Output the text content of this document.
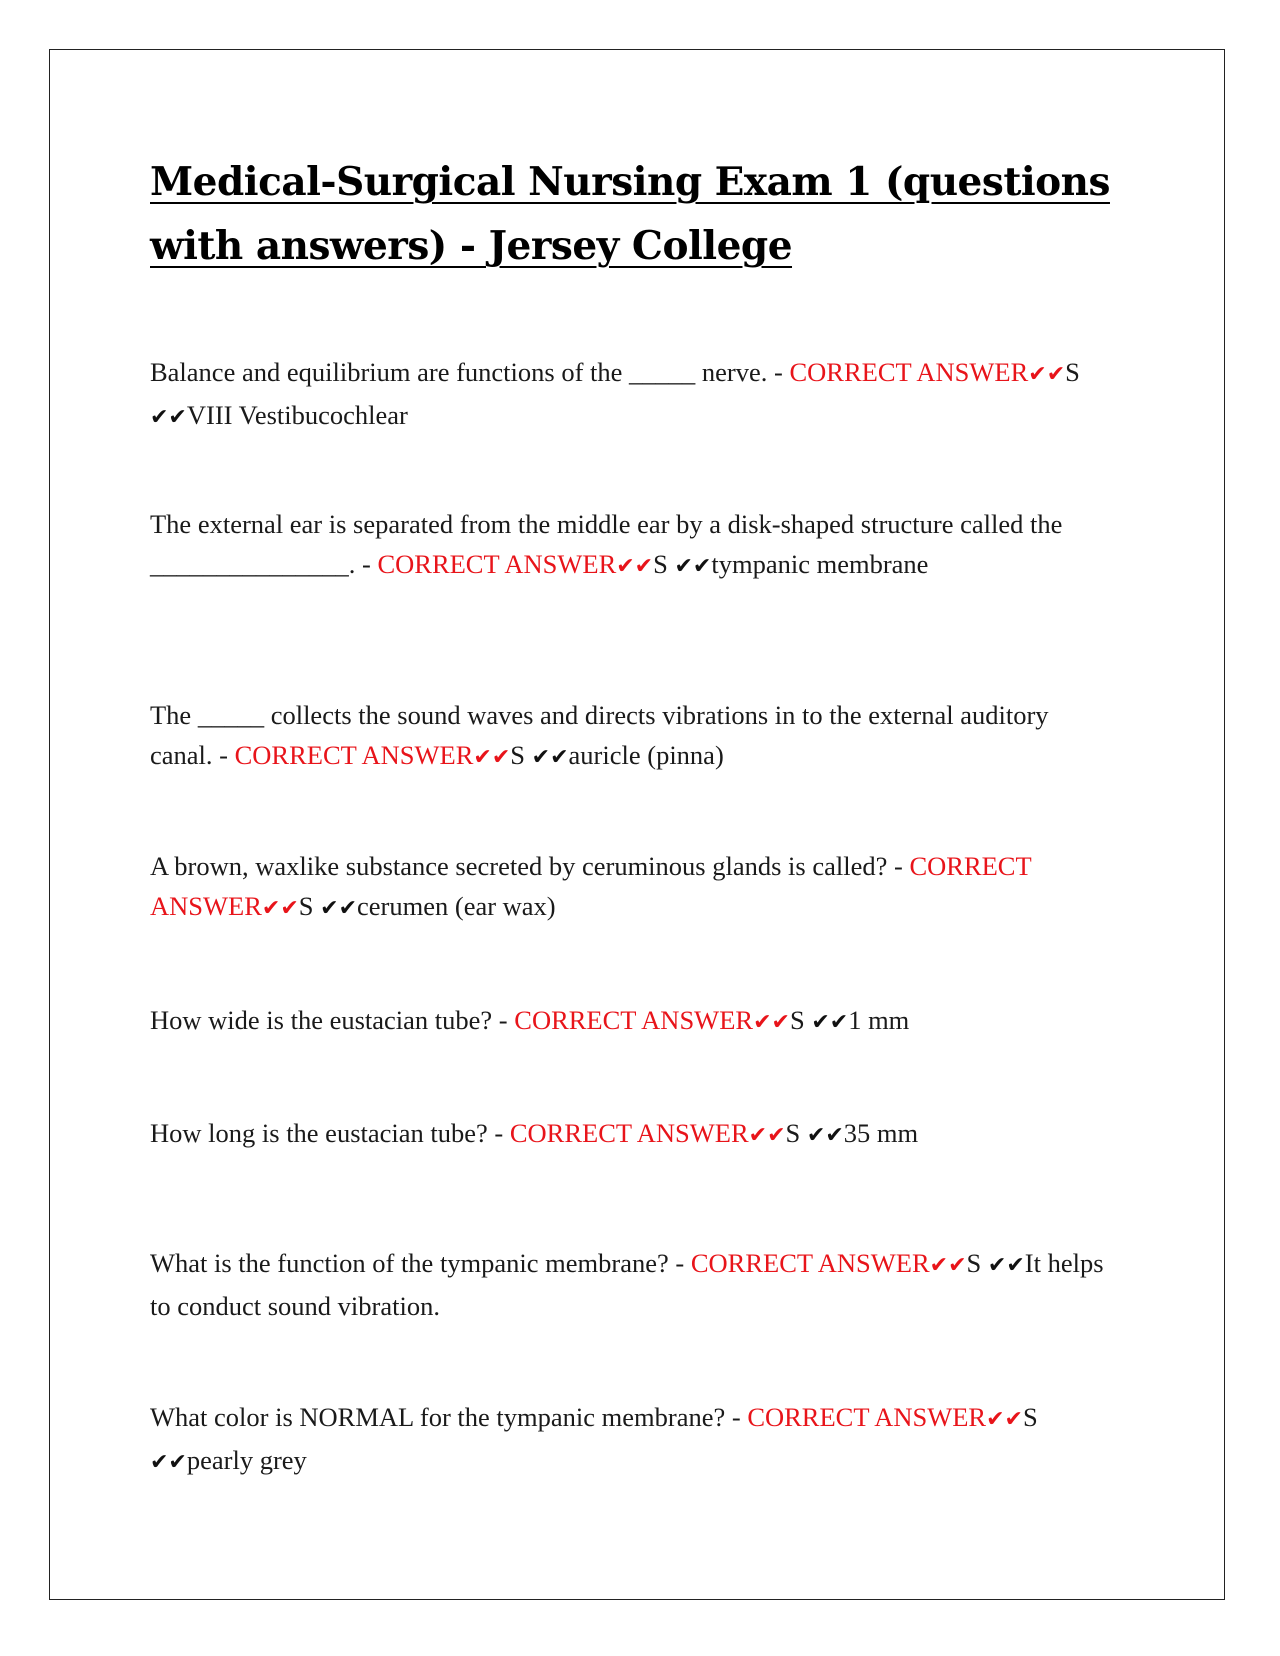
Medical-Surgical Nursing Exam 1 (questions with answers) - Jersey College

Balance and equilibrium are functions of the _____ nerve. - CORRECT ANSWER✔✔S ✔✔VIII Vestibucochlear

The external ear is separated from the middle ear by a disk-shaped structure called the _______________. - CORRECT ANSWER✔✔S ✔✔tympanic membrane

The _____ collects the sound waves and directs vibrations in to the external auditory canal. - CORRECT ANSWER✔✔S ✔✔auricle (pinna)

A brown, waxlike substance secreted by ceruminous glands is called? - CORRECT ANSWER✔✔S ✔✔cerumen (ear wax)

How wide is the eustacian tube? - CORRECT ANSWER✔✔S ✔✔1 mm

How long is the eustacian tube? - CORRECT ANSWER✔✔S ✔✔35 mm

What is the function of the tympanic membrane? - CORRECT ANSWER✔✔S ✔✔It helps to conduct sound vibration.

What color is NORMAL for the tympanic membrane? - CORRECT ANSWER✔✔S ✔✔pearly grey
